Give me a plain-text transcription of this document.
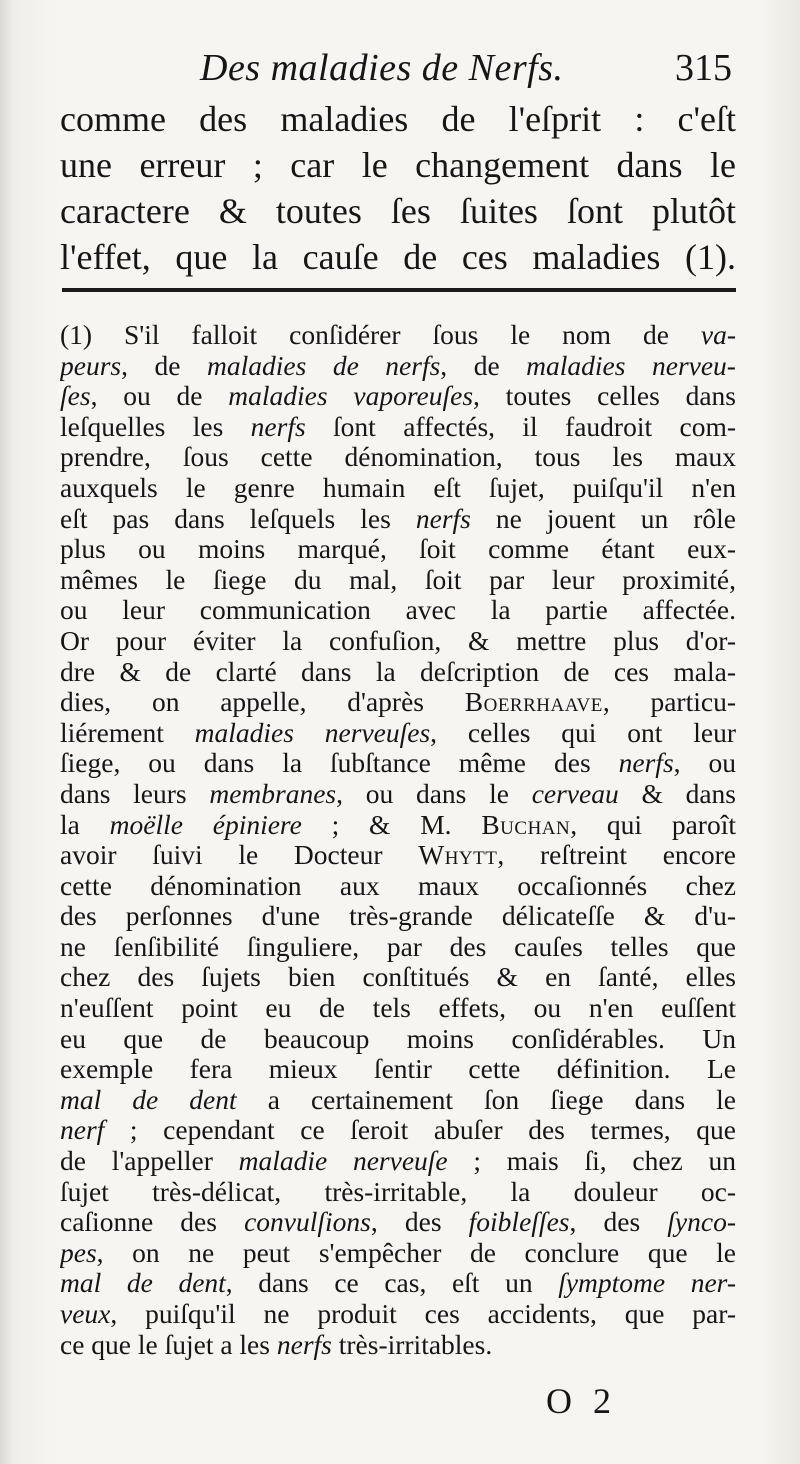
Des maladies de Nerfs.	315
comme des maladies de l'eſprit : c'eſt
une erreur ; car le changement dans le
caractere & toutes ſes ſuites ſont plutôt
l'effet, que la cauſe de ces maladies (1).
(1) S'il falloit conſidérer ſous le nom de va-
peurs, de maladies de nerfs, de maladies nerveu-
ſes, ou de maladies vaporeuſes, toutes celles dans
leſquelles les nerfs ſont affectés, il faudroit com-
prendre, ſous cette dénomination, tous les maux
auxquels le genre humain eſt ſujet, puiſqu'il n'en
eſt pas dans leſquels les nerfs ne jouent un rôle
plus ou moins marqué, ſoit comme étant eux-
mêmes le ſiege du mal, ſoit par leur proximité,
ou leur communication avec la partie affectée.
Or pour éviter la confuſion, & mettre plus d'or-
dre & de clarté dans la deſcription de ces mala-
dies, on appelle, d'après Boerrhaave, particu-
liérement maladies nerveuſes, celles qui ont leur
ſiege, ou dans la ſubſtance même des nerfs, ou
dans leurs membranes, ou dans le cerveau & dans
la moëlle épiniere ; & M. Buchan, qui paroît
avoir ſuivi le Docteur Whytt, reſtreint encore
cette dénomination aux maux occaſionnés chez
des perſonnes d'une très-grande délicateſſe & d'u-
ne ſenſibilité ſinguliere, par des cauſes telles que
chez des ſujets bien conſtitués & en ſanté, elles
n'euſſent point eu de tels effets, ou n'en euſſent
eu que de beaucoup moins conſidérables. Un
exemple fera mieux ſentir cette définition. Le
mal de dent a certainement ſon ſiege dans le
nerf ; cependant ce ſeroit abuſer des termes, que
de l'appeller maladie nerveuſe ; mais ſi, chez un
ſujet très-délicat, très-irritable, la douleur oc-
caſionne des convulſions, des foibleſſes, des ſynco-
pes, on ne peut s'empêcher de conclure que le
mal de dent, dans ce cas, eſt un ſymptome ner-
veux, puiſqu'il ne produit ces accidents, que par-
ce que le ſujet a les nerfs très-irritables.
O 2
